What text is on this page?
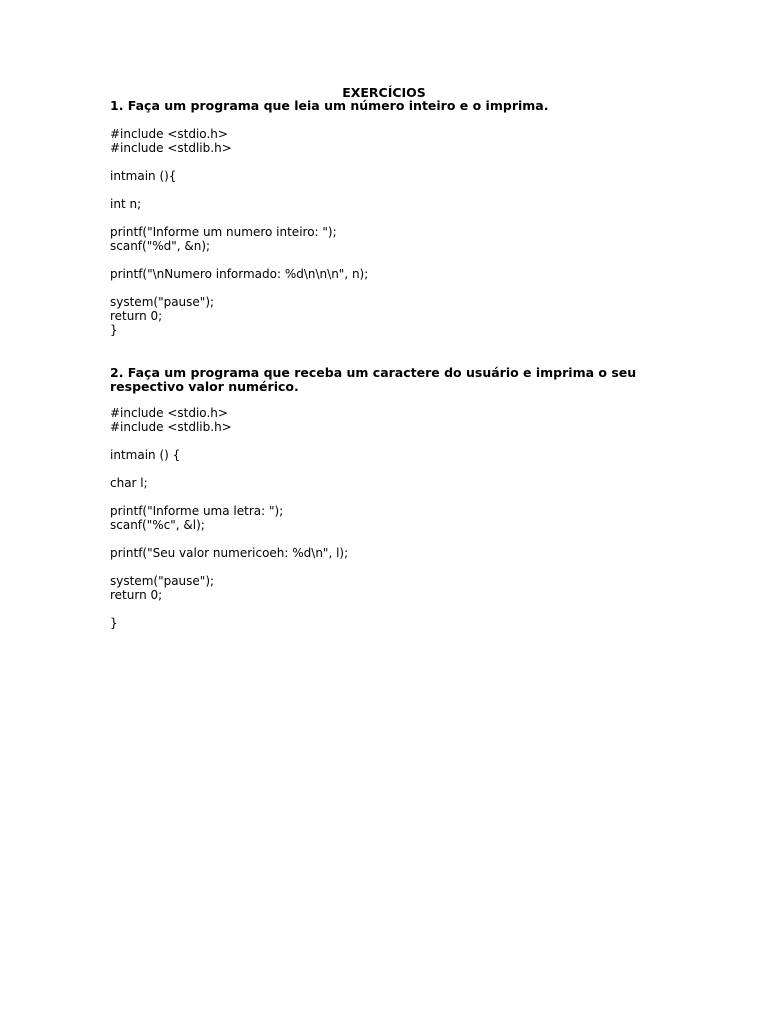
EXERCÍCIOS
1. Faça um programa que leia um número inteiro e o imprima.
#include <stdio.h>
#include <stdlib.h>
intmain (){
int n;
printf("Informe um numero inteiro: ");
scanf("%d", &n);
printf("\nNumero informado: %d\n\n\n", n);
system("pause");
return 0;
}
2. Faça um programa que receba um caractere do usuário e imprima o seu respectivo valor numérico.
#include <stdio.h>
#include <stdlib.h>
intmain () {
char l;
printf("Informe uma letra: ");
scanf("%c", &l);
printf("Seu valor numericoeh: %d\n", l);
system("pause");
return 0;
}
